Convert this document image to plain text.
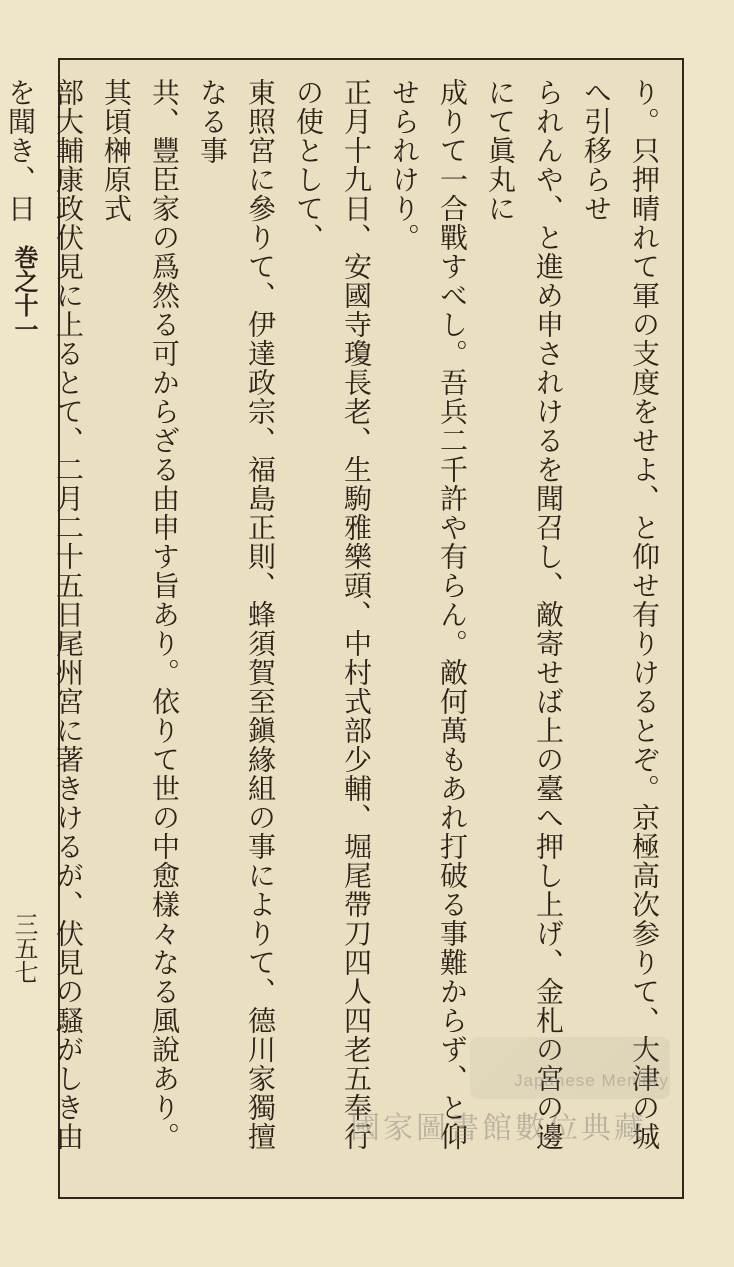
巻之十一
三五七	り。只押晴れて軍の支度をせよ、と仰せ有りけるとぞ。京極高次参りて、大津の城へ引移らせ
られんや、と進め申されけるを聞召し、敵寄せば上の臺へ押し上げ、金札の宮の邊にて眞丸に
成りて一合戰すべし。吾兵二千許や有らん。敵何萬もあれ打破る事難からず、と仰せられけり。
正月十九日、安國寺瓊長老、生駒雅樂頭、中村式部少輔、堀尾帶刀四人四老五奉行の使として、
東照宮に參りて、伊達政宗、福島正則、蜂須賀至鎭緣組の事によりて、德川家獨擅なる事
共、豐臣家の爲然る可からざる由申す旨あり。依りて世の中愈樣々なる風說あり。其頃榊原式
部大輔康政伏見に上るとて、二月二十五日尾州宮に著きけるが、伏見の騷がしき由を聞き、日
Japanese Memory
國家圖書館數位典藏
